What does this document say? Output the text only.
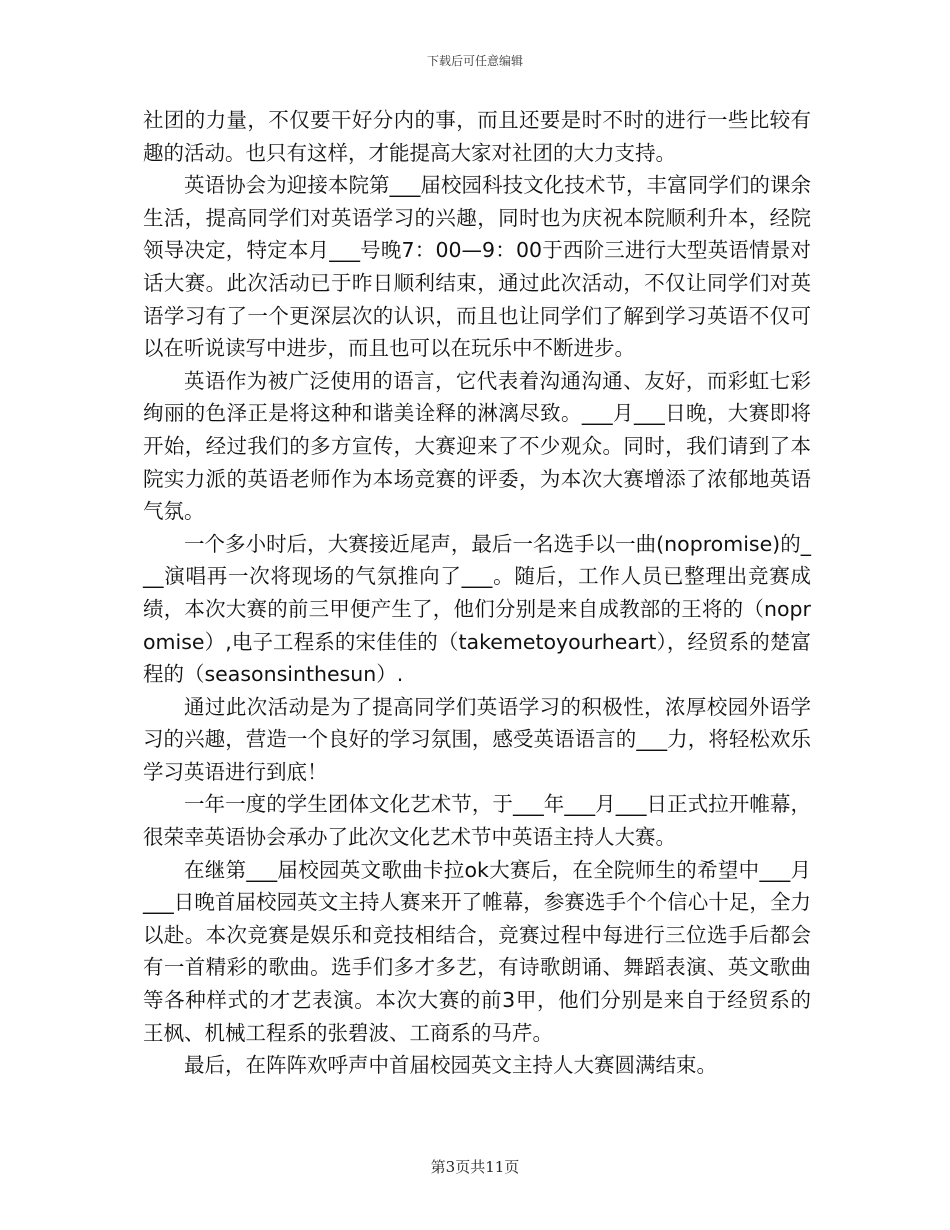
下载后可任意编辑

社团的力量，不仅要干好分内的事，而且还要是时不时的进行一些比较有趣的活动。也只有这样，才能提高大家对社团的大力支持。

英语协会为迎接本院第___届校园科技文化技术节，丰富同学们的课余生活，提高同学们对英语学习的兴趣，同时也为庆祝本院顺利升本，经院领导决定，特定本月___号晚7：00—9：00于西阶三进行大型英语情景对话大赛。此次活动已于昨日顺利结束，通过此次活动，不仅让同学们对英语学习有了一个更深层次的认识，而且也让同学们了解到学习英语不仅可以在听说读写中进步，而且也可以在玩乐中不断进步。

英语作为被广泛使用的语言，它代表着沟通沟通、友好，而彩虹七彩绚丽的色泽正是将这种和谐美诠释的淋漓尽致。___月___日晚，大赛即将开始，经过我们的多方宣传，大赛迎来了不少观众。同时，我们请到了本院实力派的英语老师作为本场竞赛的评委，为本次大赛增添了浓郁地英语气氛。

一个多小时后，大赛接近尾声，最后一名选手以一曲(nopromise)的___演唱再一次将现场的气氛推向了___。随后，工作人员已整理出竞赛成绩，本次大赛的前三甲便产生了，他们分别是来自成教部的王将的（nopromise）,电子工程系的宋佳佳的（takemetoyourheart），经贸系的楚富程的（seasonsinthesun）.

通过此次活动是为了提高同学们英语学习的积极性，浓厚校园外语学习的兴趣，营造一个良好的学习氛围，感受英语语言的___力，将轻松欢乐学习英语进行到底！

一年一度的学生团体文化艺术节，于___年___月___日正式拉开帷幕，很荣幸英语协会承办了此次文化艺术节中英语主持人大赛。

在继第___届校园英文歌曲卡拉ok大赛后，在全院师生的希望中___月___日晚首届校园英文主持人赛来开了帷幕，参赛选手个个信心十足，全力以赴。本次竞赛是娱乐和竞技相结合，竞赛过程中每进行三位选手后都会有一首精彩的歌曲。选手们多才多艺，有诗歌朗诵、舞蹈表演、英文歌曲等各种样式的才艺表演。本次大赛的前3甲，他们分别是来自于经贸系的王枫、机械工程系的张碧波、工商系的马芹。

最后，在阵阵欢呼声中首届校园英文主持人大赛圆满结束。

第3页共11页
